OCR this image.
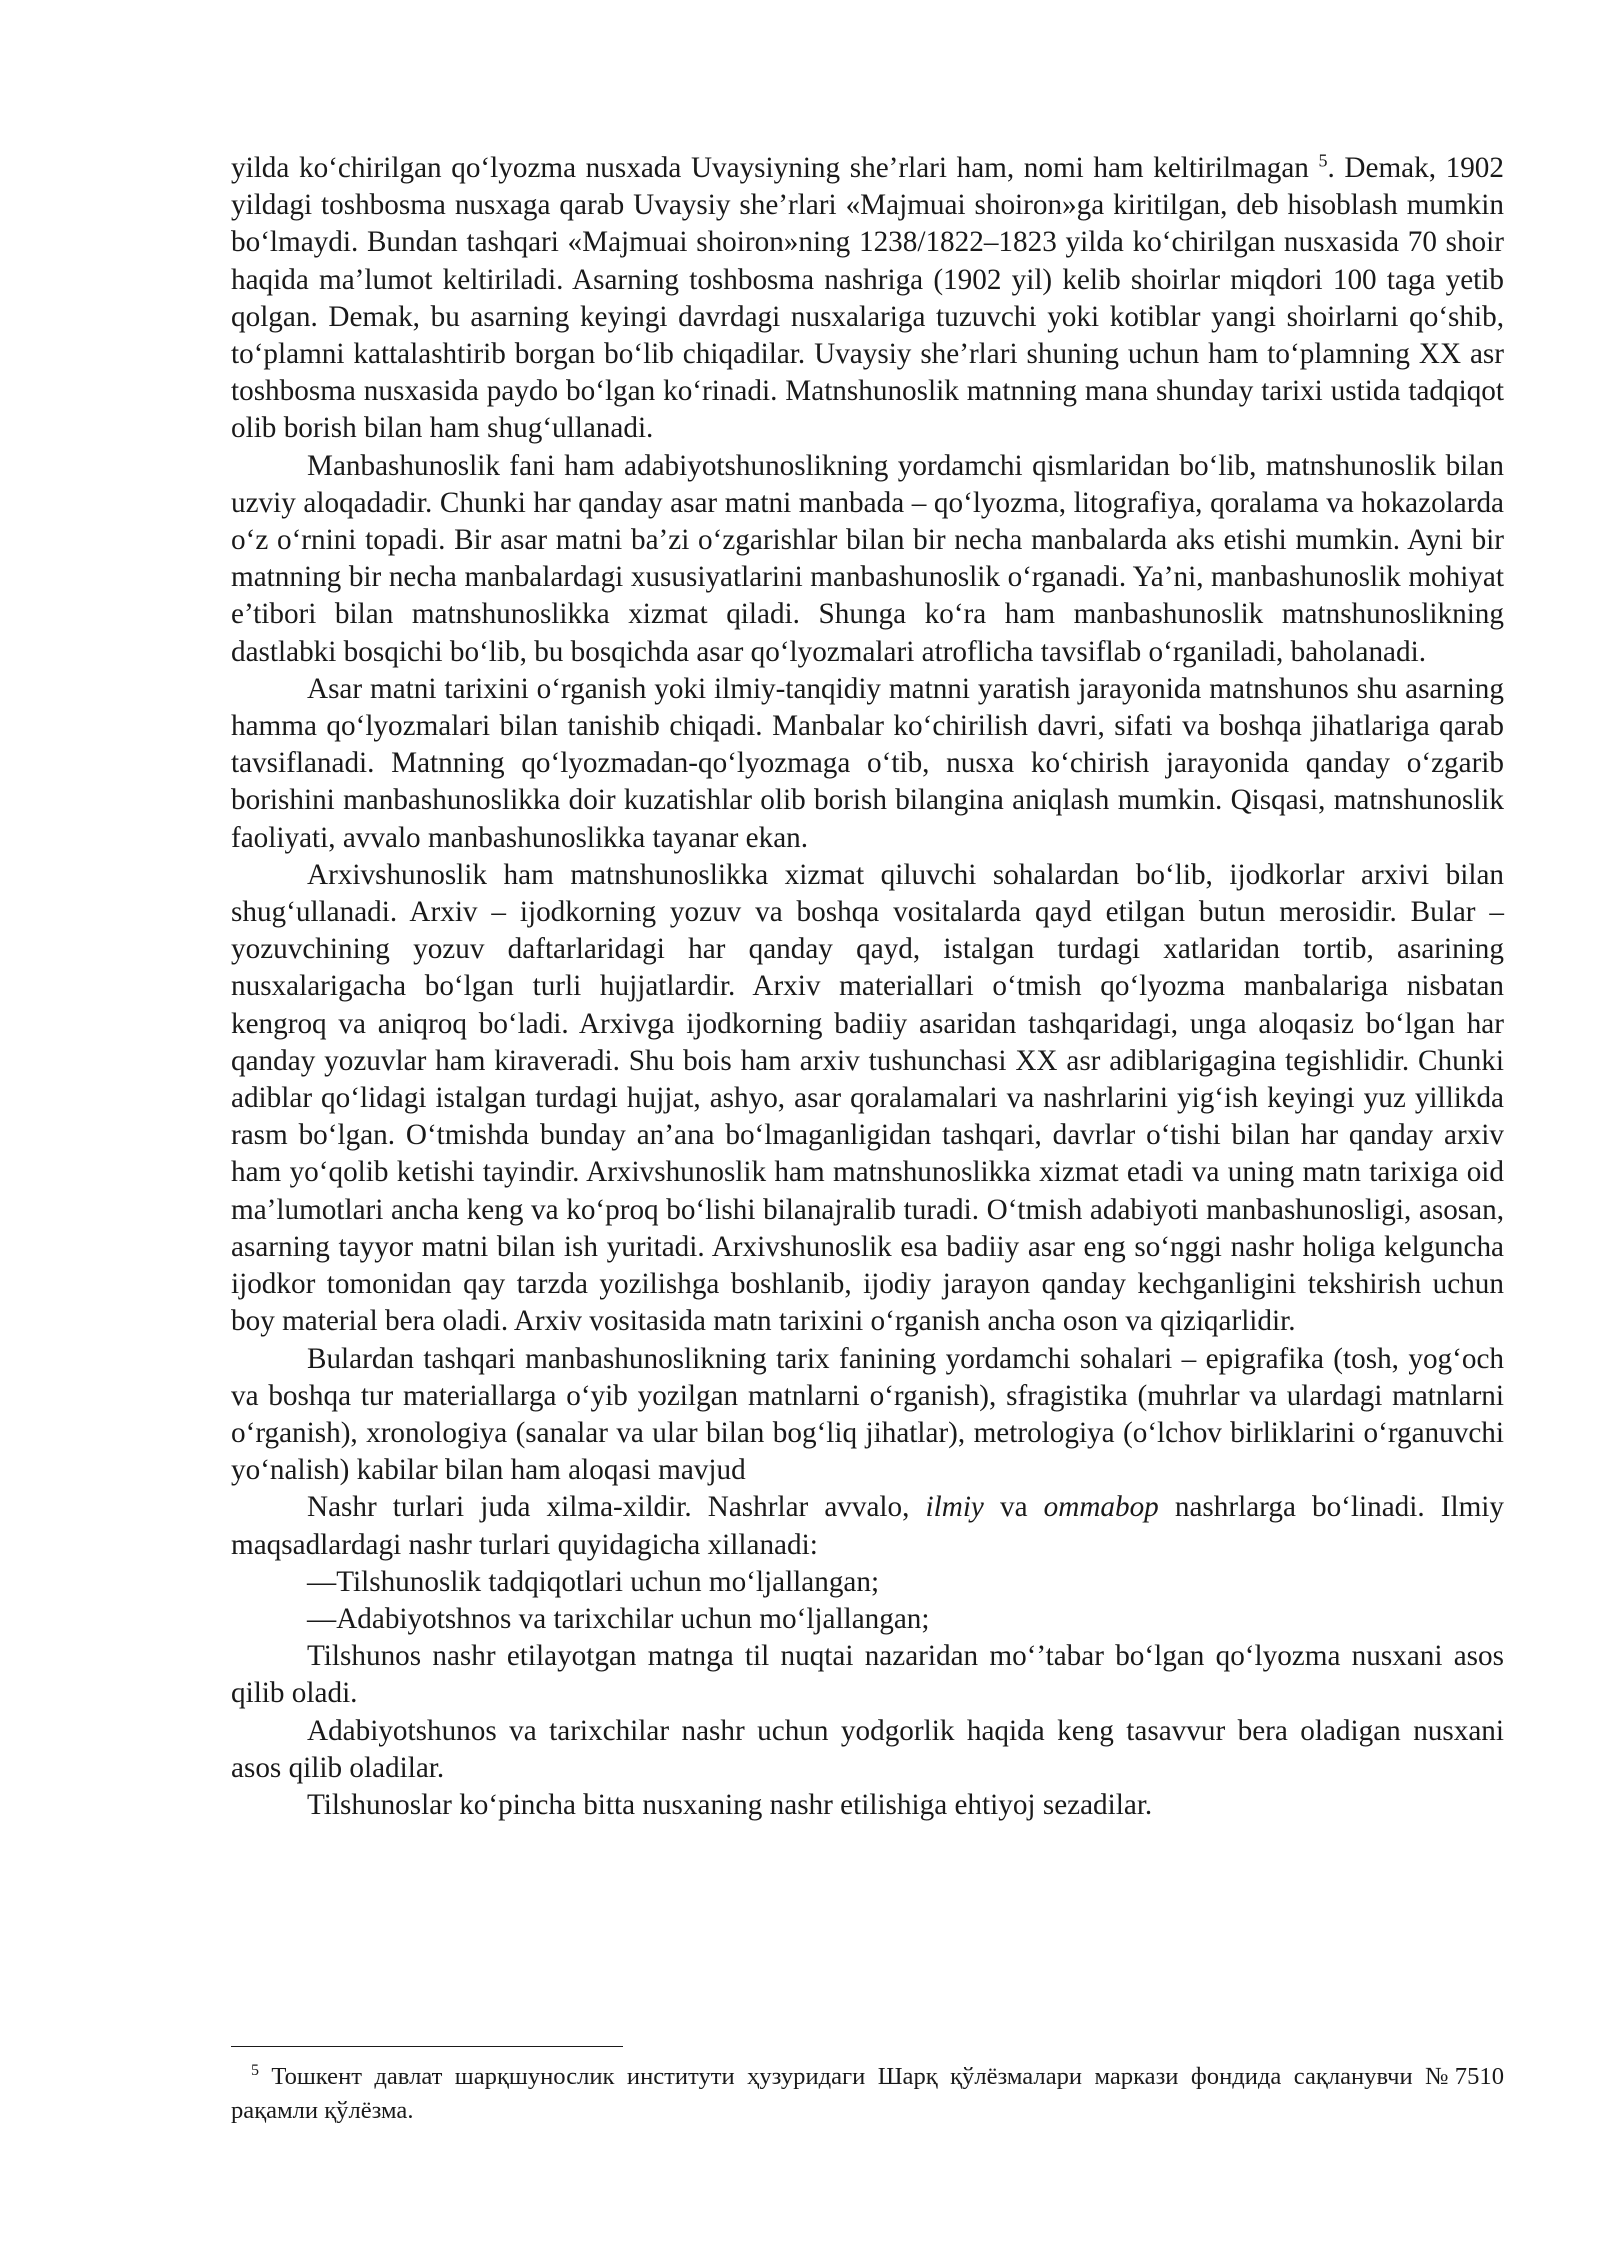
yilda ko‘chirilgan qo‘lyozma nusxada Uvaysiyning she’rlari ham, nomi ham keltirilmagan $^5$. Demak, 1902 yildagi toshbosma nusxaga qarab Uvaysiy she’rlari «Majmuai shoiron»ga kiritilgan, deb hisoblash mumkin bo‘lmaydi. Bundan tashqari «Majmuai shoiron»ning 1238/1822–1823 yilda ko‘chirilgan nusxasida 70 shoir haqida ma’lumot keltiriladi. Asarning toshbosma nashriga (1902 yil) kelib shoirlar miqdori 100 taga yetib qolgan. Demak, bu asarning keyingi davrdagi nusxalariga tuzuvchi yoki kotiblar yangi shoirlarni qo‘shib, to‘plamni kattalashtirib borgan bo‘lib chiqadilar. Uvaysiy she’rlari shuning uchun ham to‘plamning XX asr toshbosma nusxasida paydo bo‘lgan ko‘rinadi. Matnshunoslik matnning mana shunday tarixi ustida tadqiqot olib borish bilan ham shug‘ullanadi.

Manbashunoslik fani ham adabiyotshunoslikning yordamchi qismlaridan bo‘lib, matnshunoslik bilan uzviy aloqadadir. Chunki har qanday asar matni manbada – qo‘lyozma, litografiya, qoralama va hokazolarda o‘z o‘rnini topadi. Bir asar matni ba’zi o‘zgarishlar bilan bir necha manbalarda aks etishi mumkin. Ayni bir matnning bir necha manbalardagi xususiyatlarini manbashunoslik o‘rganadi. Ya’ni, manbashunoslik mohiyat e’tibori bilan matnshunoslikka xizmat qiladi. Shunga ko‘ra ham manbashunoslik matnshunoslikning dastlabki bosqichi bo‘lib, bu bosqichda asar qo‘lyozmalari atroflicha tavsiflab o‘rganiladi, baholanadi.

Asar matni tarixini o‘rganish yoki ilmiy-tanqidiy matnni yaratish jarayonida matnshunos shu asarning hamma qo‘lyozmalari bilan tanishib chiqadi. Manbalar ko‘chirilish davri, sifati va boshqa jihatlariga qarab tavsiflanadi. Matnning qo‘lyozmadan-qo‘lyozmaga o‘tib, nusxa ko‘chirish jarayonida qanday o‘zgarib borishini manbashunoslikka doir kuzatishlar olib borish bilangina aniqlash mumkin. Qisqasi, matnshunoslik faoliyati, avvalo manbashunoslikka tayanar ekan.

Arxivshunoslik ham matnshunoslikka xizmat qiluvchi sohalardan bo‘lib, ijodkorlar arxivi bilan shug‘ullanadi. Arxiv – ijodkorning yozuv va boshqa vositalarda qayd etilgan butun merosidir. Bular – yozuvchining yozuv daftarlaridagi har qanday qayd, istalgan turdagi xatlaridan tortib, asarining nusxalarigacha bo‘lgan turli hujjatlardir. Arxiv materiallari o‘tmish qo‘lyozma manbalariga nisbatan kengroq va aniqroq bo‘ladi. Arxivga ijodkorning badiiy asaridan tashqaridagi, unga aloqasiz bo‘lgan har qanday yozuvlar ham kiraveradi. Shu bois ham arxiv tushunchasi XX asr adiblarigagina tegishlidir. Chunki adiblar qo‘lidagi istalgan turdagi hujjat, ashyo, asar qoralamalari va nashrlarini yig‘ish keyingi yuz yillikda rasm bo‘lgan. O‘tmishda bunday an’ana bo‘lmaganligidan tashqari, davrlar o‘tishi bilan har qanday arxiv ham yo‘qolib ketishi tayindir. Arxivshunoslik ham matnshunoslikka xizmat etadi va uning matn tarixiga oid ma’lumotlari ancha keng va ko‘proq bo‘lishi bilanajralib turadi. O‘tmish adabiyoti manbashunosligi, asosan, asarning tayyor matni bilan ish yuritadi. Arxivshunoslik esa badiiy asar eng so‘nggi nashr holiga kelguncha ijodkor tomonidan qay tarzda yozilishga boshlanib, ijodiy jarayon qanday kechganligini tekshirish uchun boy material bera oladi. Arxiv vositasida matn tarixini o‘rganish ancha oson va qiziqarlidir.

Bulardan tashqari manbashunoslikning tarix fanining yordamchi sohalari – epigrafika (tosh, yog‘och va boshqa tur materiallarga o‘yib yozilgan matnlarni o‘rganish), sfragistika (muhrlar va ulardagi matnlarni o‘rganish), xronologiya (sanalar va ular bilan bog‘liq jihatlar), metrologiya (o‘lchov birliklarini o‘rganuvchi yo‘nalish) kabilar bilan ham aloqasi mavjud

Nashr turlari juda xilma-xildir. Nashrlar avvalo, ilmiy va ommabop nashrlarga bo‘linadi. Ilmiy maqsadlardagi nashr turlari quyidagicha xillanadi:

—Tilshunoslik tadqiqotlari uchun mo‘ljallangan;

—Adabiyotshnos va tarixchilar uchun mo‘ljallangan;

Tilshunos nashr etilayotgan matnga til nuqtai nazaridan mo‘’tabar bo‘lgan qo‘lyozma nusxani asos qilib oladi.

Adabiyotshunos va tarixchilar nashr uchun yodgorlik haqida keng tasavvur bera oladigan nusxani asos qilib oladilar.

Tilshunoslar ko‘pincha bitta nusxaning nashr etilishiga ehtiyoj sezadilar.

$^5$ Тошкент давлат шарқшунослик институти ҳузуридаги Шарқ қўлёзмалари маркази фондида сақланувчи №7510 рақамли қўлёзма.
